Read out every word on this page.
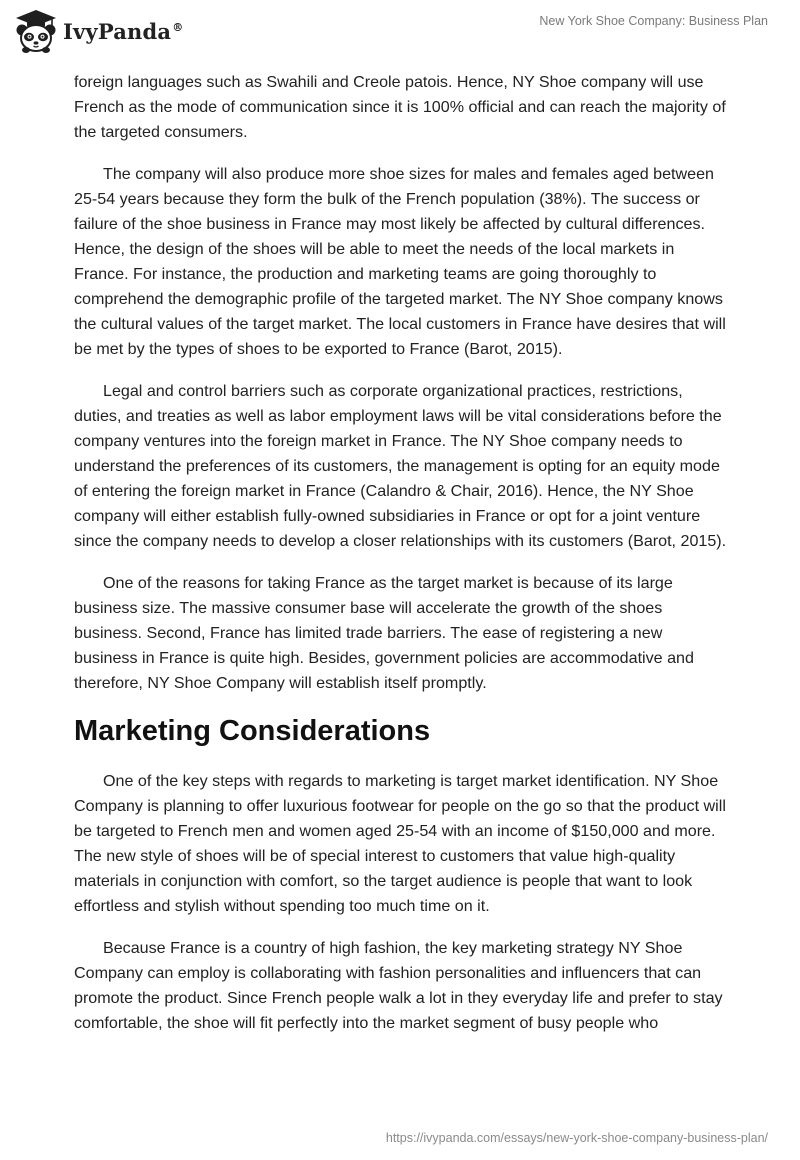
IvyPanda®	New York Shoe Company: Business Plan

foreign languages such as Swahili and Creole patois. Hence, NY Shoe company will use French as the mode of communication since it is 100% official and can reach the majority of the targeted consumers.

The company will also produce more shoe sizes for males and females aged between 25-54 years because they form the bulk of the French population (38%). The success or failure of the shoe business in France may most likely be affected by cultural differences. Hence, the design of the shoes will be able to meet the needs of the local markets in France. For instance, the production and marketing teams are going thoroughly to comprehend the demographic profile of the targeted market. The NY Shoe company knows the cultural values of the target market. The local customers in France have desires that will be met by the types of shoes to be exported to France (Barot, 2015).

Legal and control barriers such as corporate organizational practices, restrictions, duties, and treaties as well as labor employment laws will be vital considerations before the company ventures into the foreign market in France. The NY Shoe company needs to understand the preferences of its customers, the management is opting for an equity mode of entering the foreign market in France (Calandro & Chair, 2016). Hence, the NY Shoe company will either establish fully-owned subsidiaries in France or opt for a joint venture since the company needs to develop a closer relationships with its customers (Barot, 2015).

One of the reasons for taking France as the target market is because of its large business size. The massive consumer base will accelerate the growth of the shoes business. Second, France has limited trade barriers. The ease of registering a new business in France is quite high. Besides, government policies are accommodative and therefore, NY Shoe Company will establish itself promptly.

Marketing Considerations

One of the key steps with regards to marketing is target market identification. NY Shoe Company is planning to offer luxurious footwear for people on the go so that the product will be targeted to French men and women aged 25-54 with an income of $150,000 and more. The new style of shoes will be of special interest to customers that value high-quality materials in conjunction with comfort, so the target audience is people that want to look effortless and stylish without spending too much time on it.

Because France is a country of high fashion, the key marketing strategy NY Shoe Company can employ is collaborating with fashion personalities and influencers that can promote the product. Since French people walk a lot in they everyday life and prefer to stay comfortable, the shoe will fit perfectly into the market segment of busy people who

https://ivypanda.com/essays/new-york-shoe-company-business-plan/
